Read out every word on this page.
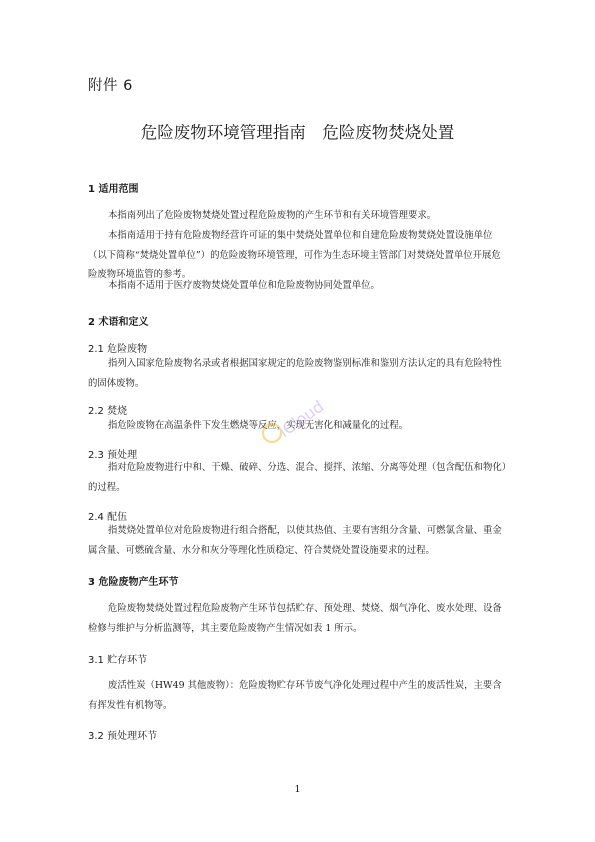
附件 6
危险废物环境管理指南　危险废物焚烧处置
1 适用范围

本指南列出了危险废物焚烧处置过程危险废物的产生环节和有关环境管理要求。

本指南适用于持有危险废物经营许可证的集中焚烧处置单位和自建危险废物焚烧处置设施单位（以下简称“焚烧处置单位”）的危险废物环境管理，可作为生态环境主管部门对焚烧处置单位开展危险废物环境监管的参考。

本指南不适用于医疗废物焚烧处置单位和危险废物协同处置单位。

2 术语和定义
2.1 危险废物

指列入国家危险废物名录或者根据国家规定的危险废物鉴别标准和鉴别方法认定的具有危险特性的固体废物。

2.2 焚烧

指危险废物在高温条件下发生燃烧等反应，实现无害化和减量化的过程。

2.3 预处理

指对危险废物进行中和、干燥、破碎、分选、混合、搅拌、浓缩、分离等处理（包含配伍和物化）的过程。

2.4 配伍

指焚烧处置单位对危险废物进行组合搭配，以使其热值、主要有害组分含量、可燃氯含量、重金属含量、可燃硫含量、水分和灰分等理化性质稳定、符合焚烧处置设施要求的过程。

3 危险废物产生环节

危险废物焚烧处置过程危险废物产生环节包括贮存、预处理、焚烧、烟气净化、废水处理、设备检修与维护与分析监测等，其主要危险废物产生情况如表 1 所示。

3.1 贮存环节

废活性炭（HW49 其他废物）：危险废物贮存环节废气净化处理过程中产生的废活性炭，主要含有挥发性有机物等。

3.2 预处理环节
1
iCloud
